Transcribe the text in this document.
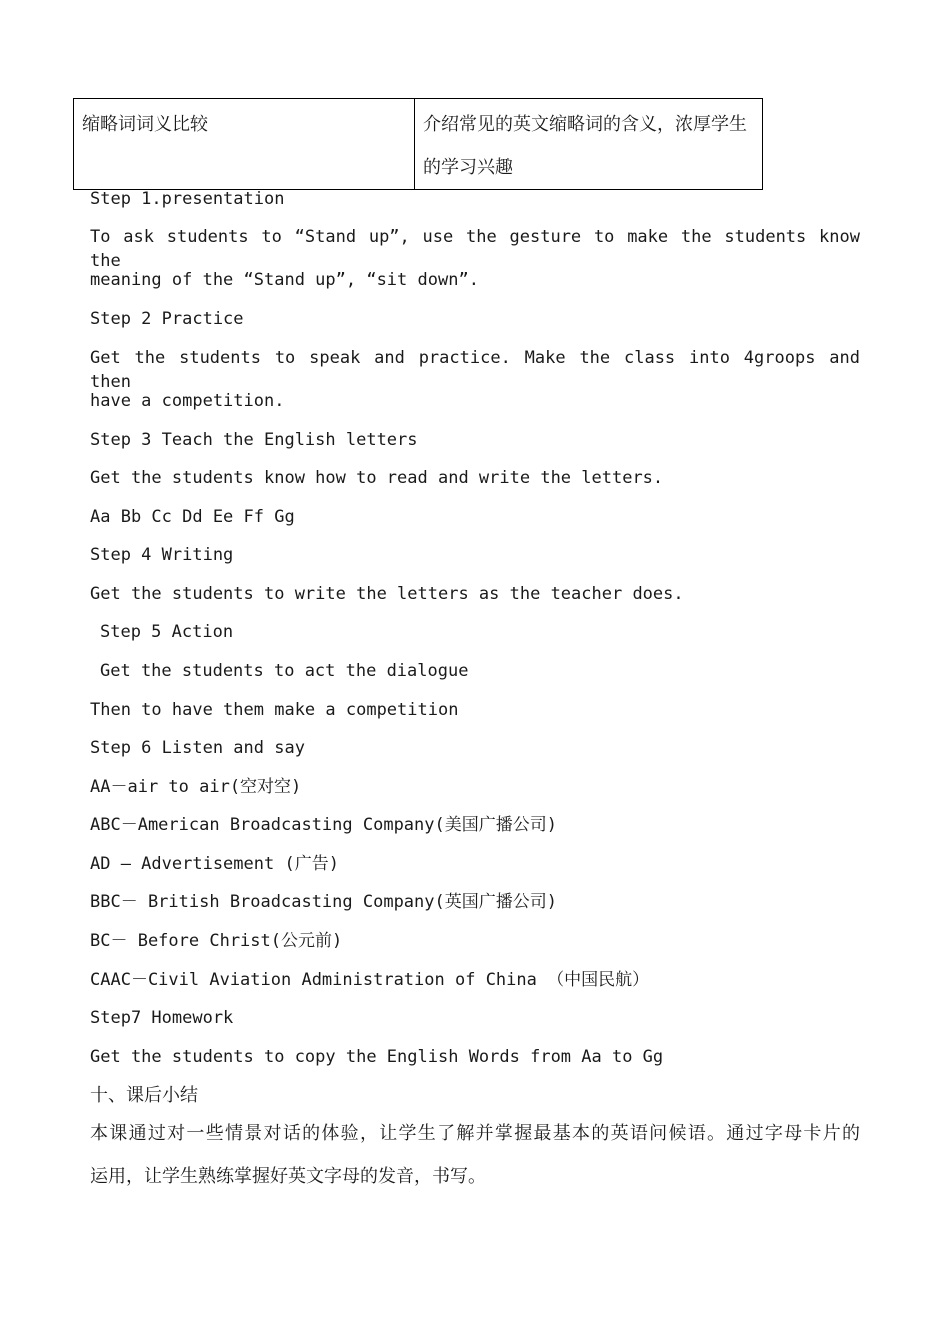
缩略词词义比较	介绍常见的英文缩略词的含义，浓厚学生的学习兴趣
Step 1.presentation
To ask students to “Stand up”, use the gesture to make the students know the
meaning of the “Stand up”, “sit down”.
Step 2 Practice
Get the students to speak and practice. Make the class into 4groops and then
have a competition.
Step 3 Teach the English letters
Get the students know how to read and write the letters.
Aa Bb Cc Dd Ee Ff Gg
Step 4 Writing
Get the students to write the letters as the teacher does.
Step 5 Action
Get the students to act the dialogue
Then to have them make a competition
Step 6 Listen and say
AA－air to air(空对空)
ABC－American Broadcasting Company(美国广播公司)
AD — Advertisement (广告)
BBC－ British Broadcasting Company(英国广播公司)
BC－ Before Christ(公元前)
CAAC－Civil Aviation Administration of China （中国民航）
Step7 Homework
Get the students to copy the English Words from Aa to Gg
十、课后小结
本课通过对一些情景对话的体验，让学生了解并掌握最基本的英语问候语。通过字母卡片的
运用，让学生熟练掌握好英文字母的发音，书写。
